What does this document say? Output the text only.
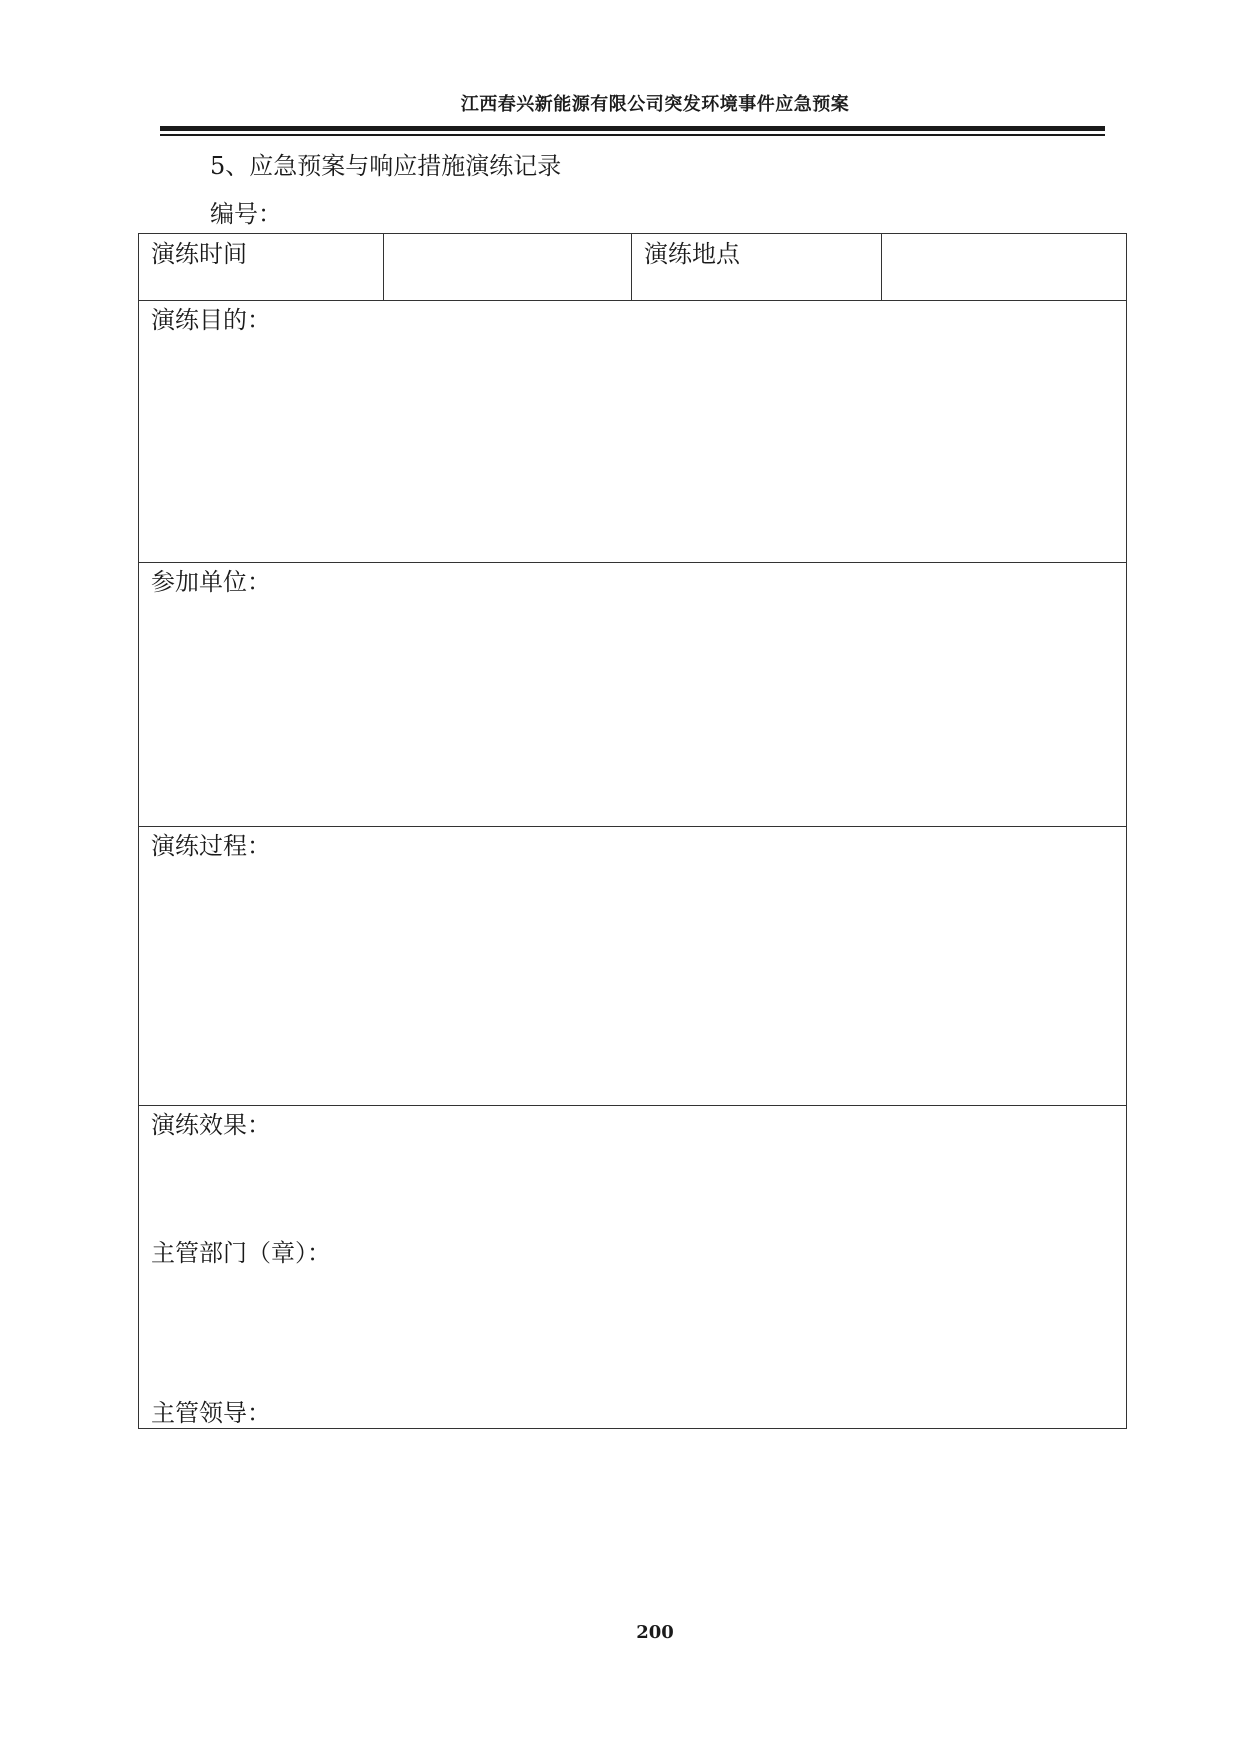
江西春兴新能源有限公司突发环境事件应急预案
5、应急预案与响应措施演练记录
编号：
演练时间		演练地点

演练目的：

参加单位：

演练过程：

演练效果：
主管部门（章）：
主管领导：
200
